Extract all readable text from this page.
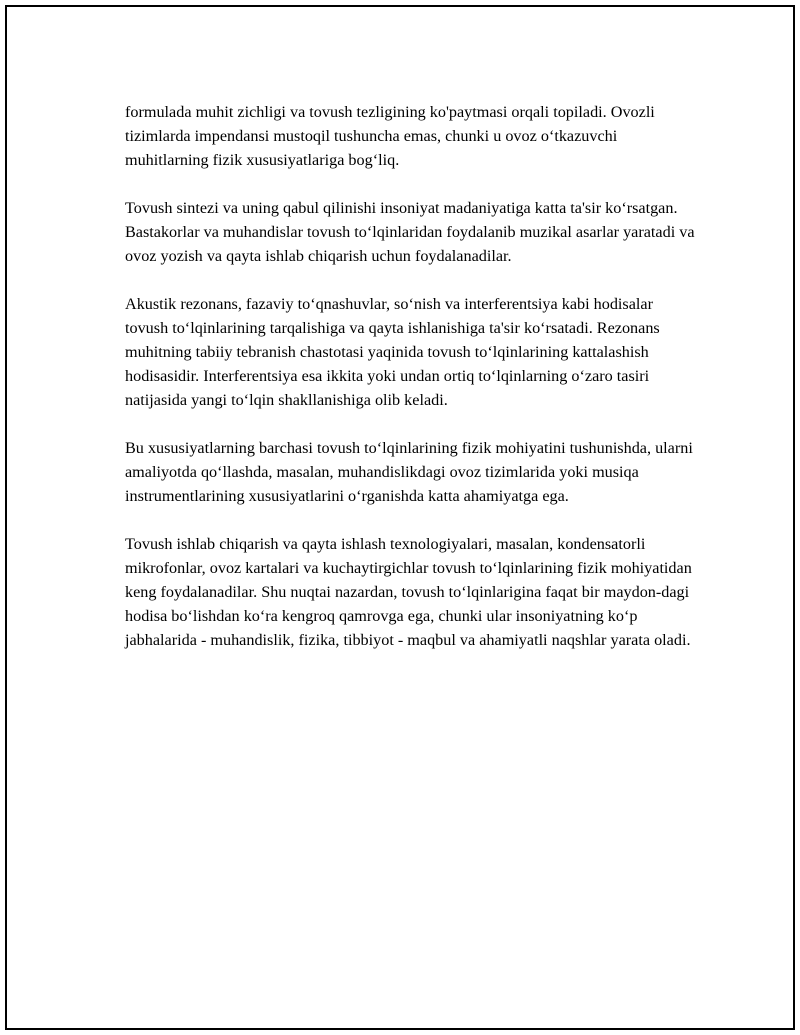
formulada muhit zichligi va tovush tezligining ko'paytmasi orqali topiladi. Ovozli tizimlarda impendansi mustoqil tushuncha emas, chunki u ovoz o‘tkazuvchi muhitlarning fizik xususiyatlariga bog‘liq.

Tovush sintezi va uning qabul qilinishi insoniyat madaniyatiga katta ta'sir ko‘rsatgan. Bastakorlar va muhandislar tovush to‘lqinlaridan foydalanib muzikal asarlar yaratadi va ovoz yozish va qayta ishlab chiqarish uchun foydalanadilar.

Akustik rezonans, fazaviy to‘qnashuvlar, so‘nish va interferentsiya kabi hodisalar tovush to‘lqinlarining tarqalishiga va qayta ishlanishiga ta'sir ko‘rsatadi. Rezonans muhitning tabiiy tebranish chastotasi yaqinida tovush to‘lqinlarining kattalashish hodisasidir. Interferentsiya esa ikkita yoki undan ortiq to‘lqinlarning o‘zaro tasiri natijasida yangi to‘lqin shakllanishiga olib keladi.

Bu xususiyatlarning barchasi tovush to‘lqinlarining fizik mohiyatini tushunishda, ularni amaliyotda qo‘llashda, masalan, muhandislikdagi ovoz tizimlarida yoki musiqa instrumentlarining xususiyatlarini o‘rganishda katta ahamiyatga ega.

Tovush ishlab chiqarish va qayta ishlash texnologiyalari, masalan, kondensatorli mikrofonlar, ovoz kartalari va kuchaytirgichlar tovush to‘lqinlarining fizik mohiyatidan keng foydalanadilar. Shu nuqtai nazardan, tovush to‘lqinlarigina faqat bir maydon-dagi hodisa bo‘lishdan ko‘ra kengroq qamrovga ega, chunki ular insoniyatning ko‘p jabhalarida - muhandislik, fizika, tibbiyot - maqbul va ahamiyatli naqshlar yarata oladi.
